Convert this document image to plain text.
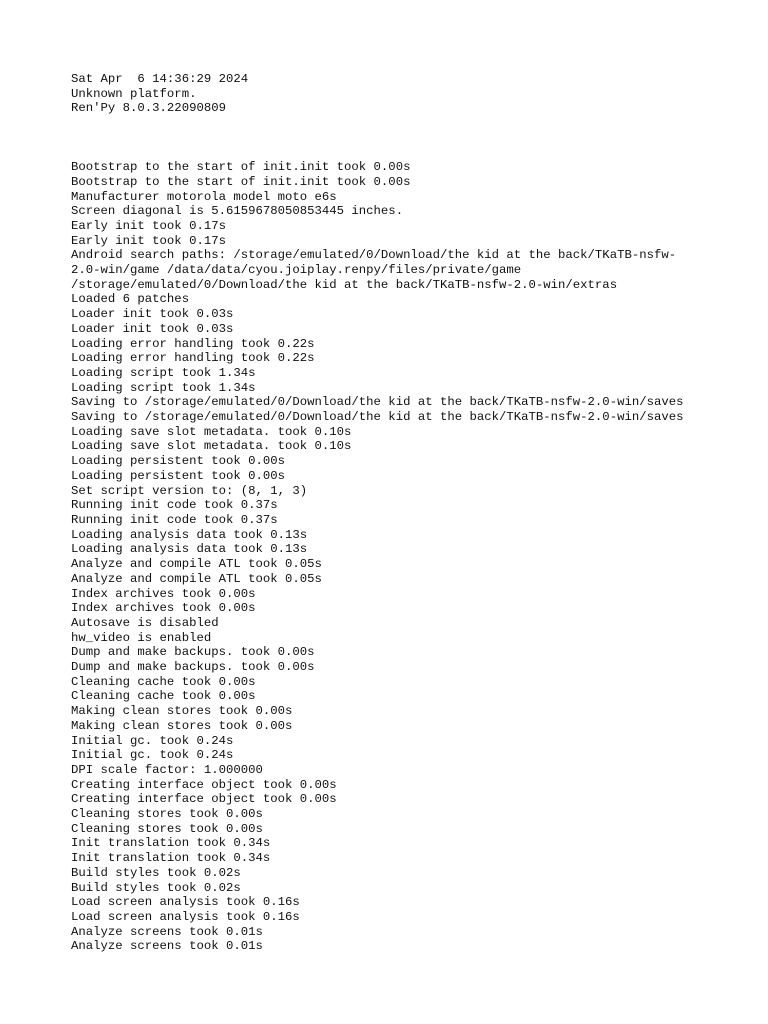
Sat Apr  6 14:36:29 2024
Unknown platform.
Ren'Py 8.0.3.22090809
Bootstrap to the start of init.init took 0.00s
Bootstrap to the start of init.init took 0.00s
Manufacturer motorola model moto e6s
Screen diagonal is 5.6159678050853445 inches.
Early init took 0.17s
Early init took 0.17s
Android search paths: /storage/emulated/0/Download/the kid at the back/TKaTB-nsfw-
2.0-win/game /data/data/cyou.joiplay.renpy/files/private/game
/storage/emulated/0/Download/the kid at the back/TKaTB-nsfw-2.0-win/extras
Loaded 6 patches
Loader init took 0.03s
Loader init took 0.03s
Loading error handling took 0.22s
Loading error handling took 0.22s
Loading script took 1.34s
Loading script took 1.34s
Saving to /storage/emulated/0/Download/the kid at the back/TKaTB-nsfw-2.0-win/saves
Saving to /storage/emulated/0/Download/the kid at the back/TKaTB-nsfw-2.0-win/saves
Loading save slot metadata. took 0.10s
Loading save slot metadata. took 0.10s
Loading persistent took 0.00s
Loading persistent took 0.00s
Set script version to: (8, 1, 3)
Running init code took 0.37s
Running init code took 0.37s
Loading analysis data took 0.13s
Loading analysis data took 0.13s
Analyze and compile ATL took 0.05s
Analyze and compile ATL took 0.05s
Index archives took 0.00s
Index archives took 0.00s
Autosave is disabled
hw_video is enabled
Dump and make backups. took 0.00s
Dump and make backups. took 0.00s
Cleaning cache took 0.00s
Cleaning cache took 0.00s
Making clean stores took 0.00s
Making clean stores took 0.00s
Initial gc. took 0.24s
Initial gc. took 0.24s
DPI scale factor: 1.000000
Creating interface object took 0.00s
Creating interface object took 0.00s
Cleaning stores took 0.00s
Cleaning stores took 0.00s
Init translation took 0.34s
Init translation took 0.34s
Build styles took 0.02s
Build styles took 0.02s
Load screen analysis took 0.16s
Load screen analysis took 0.16s
Analyze screens took 0.01s
Analyze screens took 0.01s
